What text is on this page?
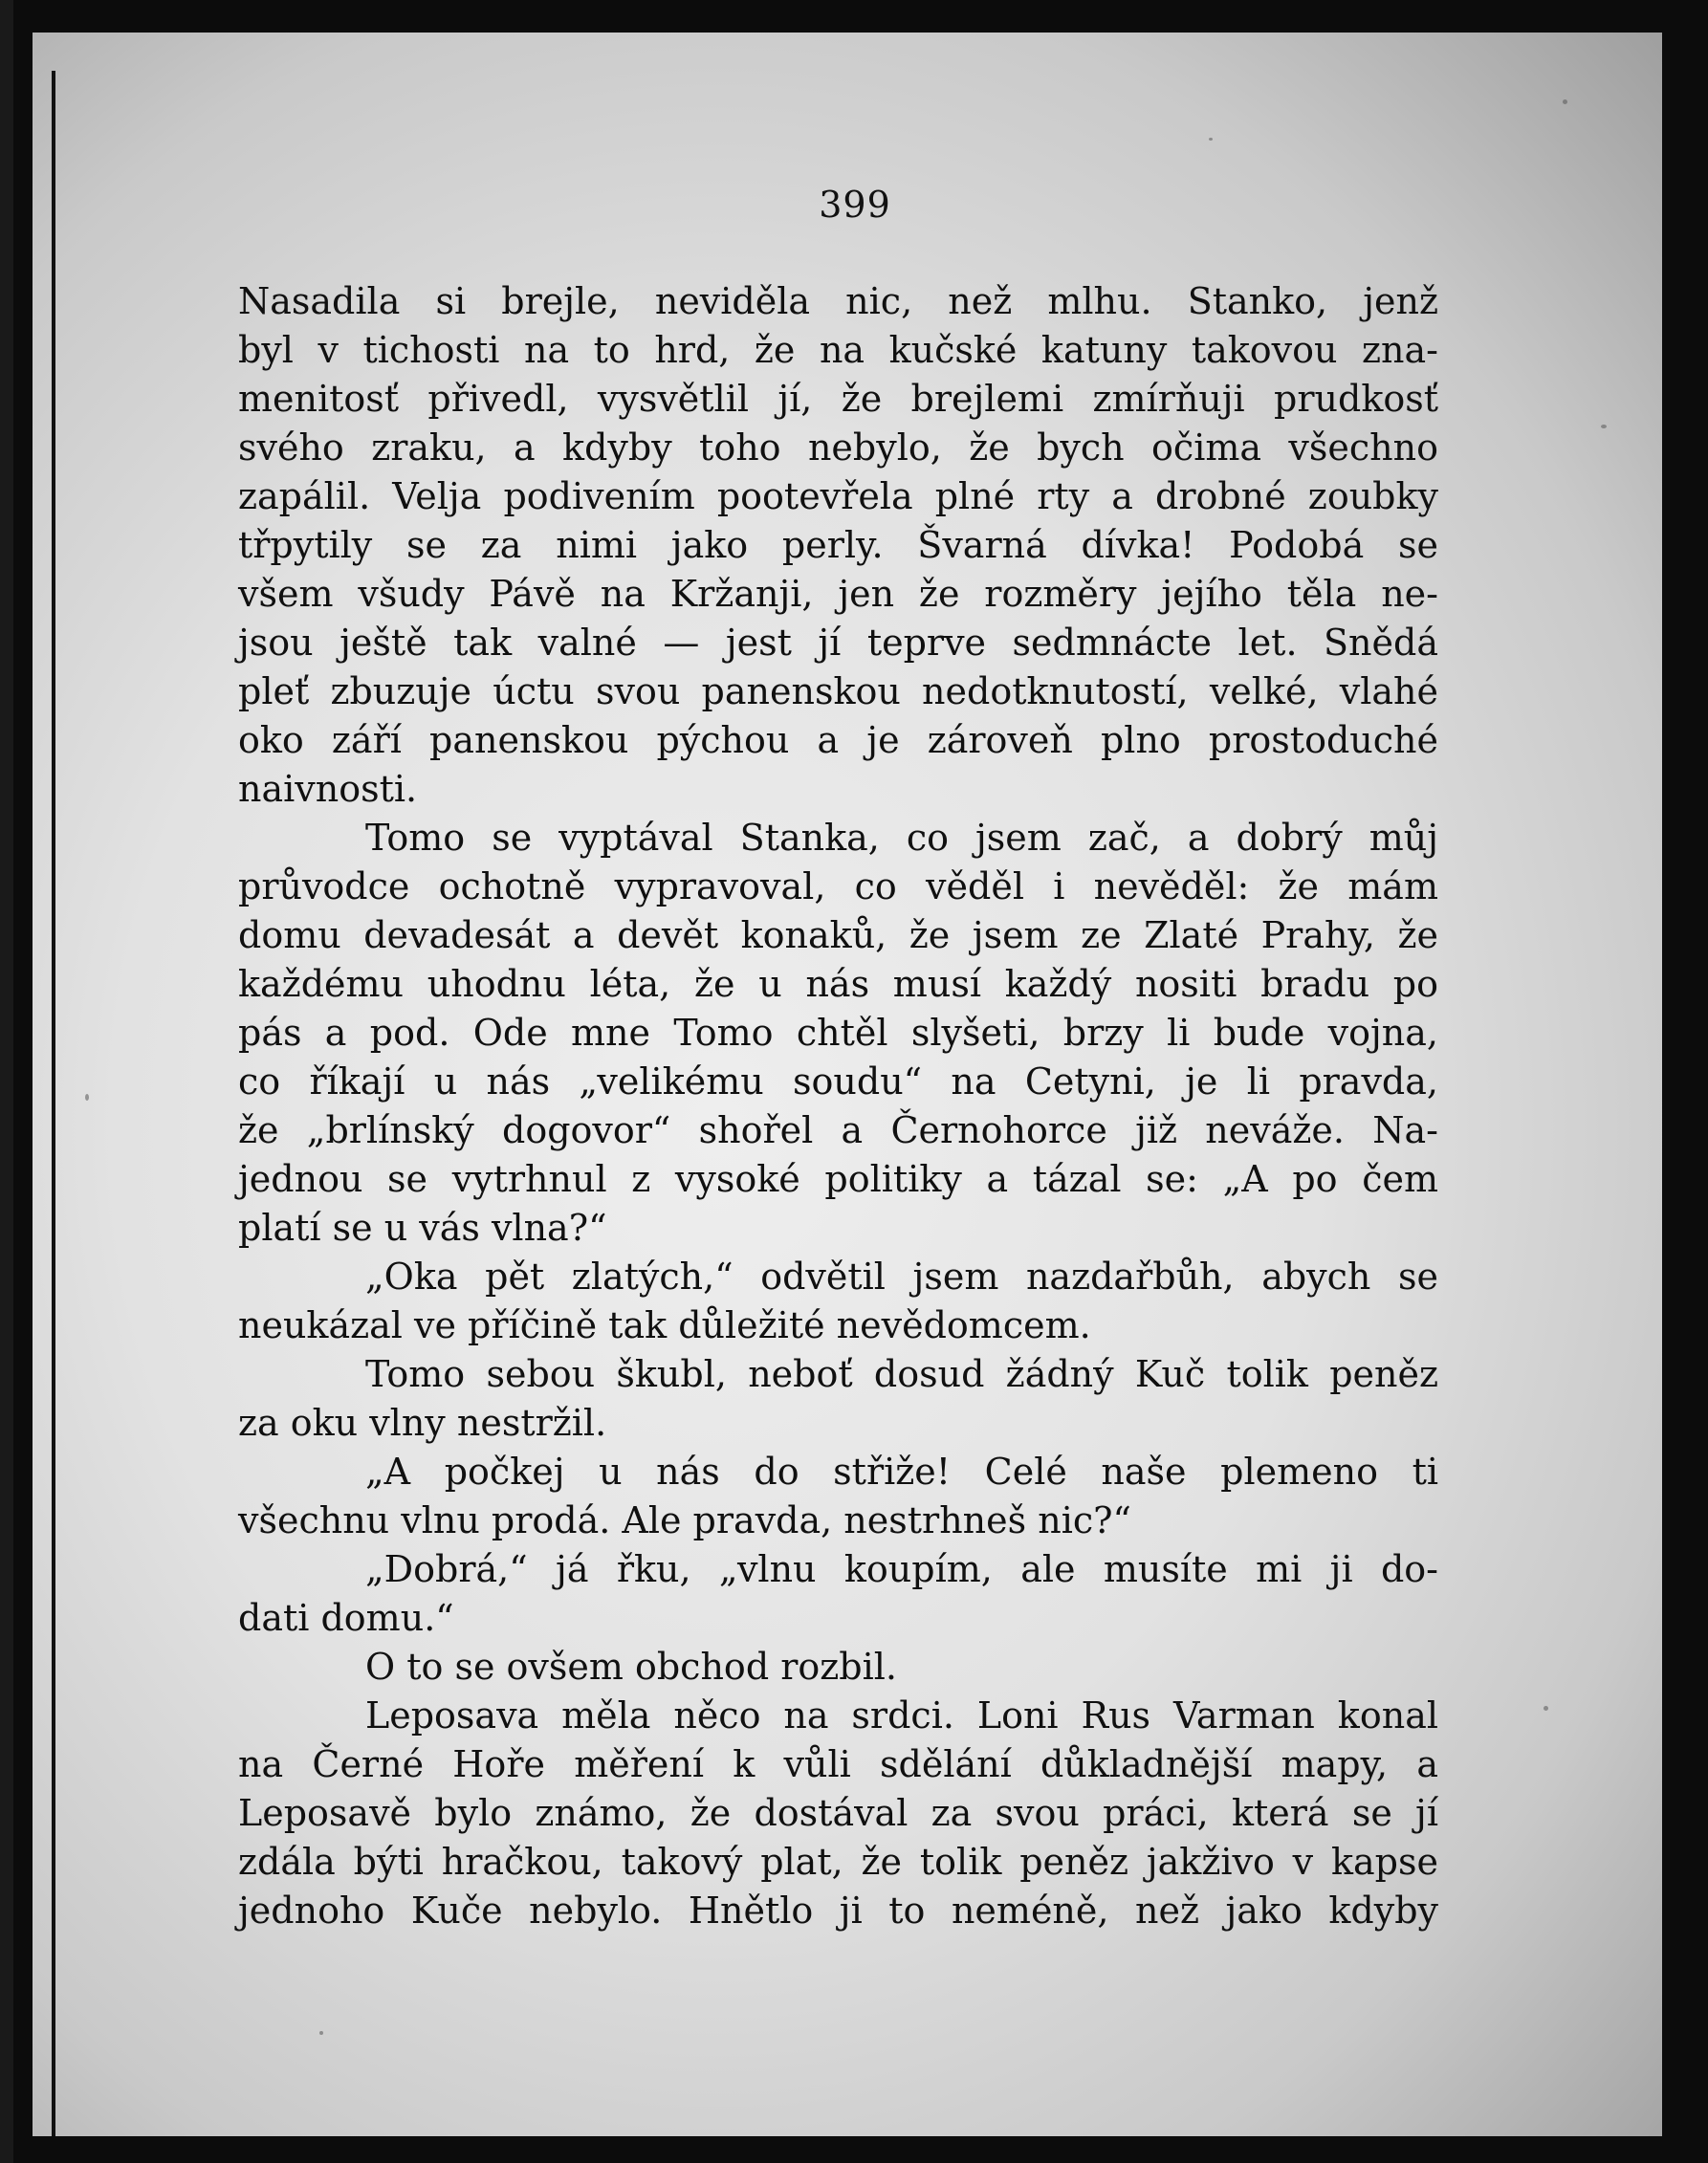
399
Nasadila si brejle, neviděla nic, než mlhu. Stanko, jenž
byl v tichosti na to hrd, že na kučské katuny takovou zna-
menitosť přivedl, vysvětlil jí, že brejlemi zmírňuji prudkosť
svého zraku, a kdyby toho nebylo, že bych očima všechno
zapálil. Velja podivením pootevřela plné rty a drobné zoubky
třpytily se za nimi jako perly. Švarná dívka! Podobá se
všem všudy Pávě na Kržanji, jen že rozměry jejího těla ne-
jsou ještě tak valné — jest jí teprve sedmnácte let. Snědá
pleť zbuzuje úctu svou panenskou nedotknutostí, velké, vlahé
oko září panenskou pýchou a je zároveň plno prostoduché
naivnosti.
Tomo se vyptával Stanka, co jsem zač, a dobrý můj
průvodce ochotně vypravoval, co věděl i nevěděl: že mám
domu devadesát a devět konaků, že jsem ze Zlaté Prahy, že
každému uhodnu léta, že u nás musí každý nositi bradu po
pás a pod. Ode mne Tomo chtěl slyšeti, brzy li bude vojna,
co říkají u nás „velikému soudu“ na Cetyni, je li pravda,
že „brlínský dogovor“ shořel a Černohorce již neváže. Na-
jednou se vytrhnul z vysoké politiky a tázal se: „A po čem
platí se u vás vlna?“
„Oka pět zlatých,“ odvětil jsem nazdařbůh, abych se
neukázal ve příčině tak důležité nevědomcem.
Tomo sebou škubl, neboť dosud žádný Kuč tolik peněz
za oku vlny nestržil.
„A počkej u nás do střiže! Celé naše plemeno ti
všechnu vlnu prodá. Ale pravda, nestrhneš nic?“
„Dobrá,“ já řku, „vlnu koupím, ale musíte mi ji do-
dati domu.“
O to se ovšem obchod rozbil.
Leposava měla něco na srdci. Loni Rus Varman konal
na Černé Hoře měření k vůli sdělání důkladnější mapy, a
Leposavě bylo známo, že dostával za svou práci, která se jí
zdála býti hračkou, takový plat, že tolik peněz jakživo v kapse
jednoho Kuče nebylo. Hnětlo ji to neméně, než jako kdyby
